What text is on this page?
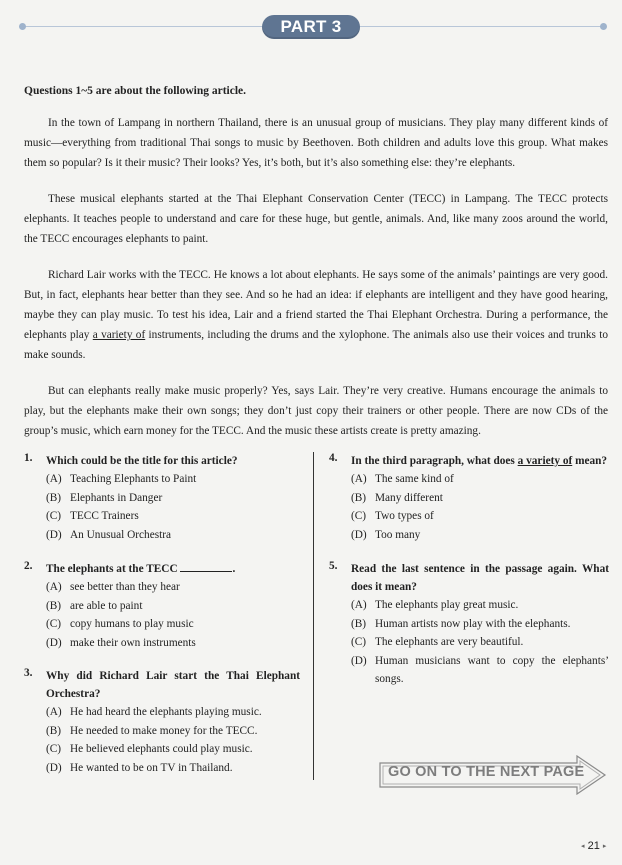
PART 3
Questions 1~5 are about the following article.

In the town of Lampang in northern Thailand, there is an unusual group of musicians. They play many different kinds of music—everything from traditional Thai songs to music by Beethoven. Both children and adults love this group. What makes them so popular? Is it their music? Their looks? Yes, it’s both, but it’s also something else: they’re elephants.

These musical elephants started at the Thai Elephant Conservation Center (TECC) in Lampang. The TECC protects elephants. It teaches people to understand and care for these huge, but gentle, animals. And, like many zoos around the world, the TECC encourages elephants to paint.

Richard Lair works with the TECC. He knows a lot about elephants. He says some of the animals’ paintings are very good. But, in fact, elephants hear better than they see. And so he had an idea: if elephants are intelligent and they have good hearing, maybe they can play music. To test his idea, Lair and a friend started the Thai Elephant Orchestra. During a performance, the elephants play a variety of instruments, including the drums and the xylophone. The animals also use their voices and trunks to make sounds.

But can elephants really make music properly? Yes, says Lair. They’re very creative. Humans encourage the animals to play, but the elephants make their own songs; they don’t just copy their trainers or other people. There are now CDs of the group’s music, which earn money for the TECC. And the music these artists create is pretty amazing.

1. Which could be the title for this article?
(A) Teaching Elephants to Paint
(B) Elephants in Danger
(C) TECC Trainers
(D) An Unusual Orchestra
2. The elephants at the TECC	.
(A) see better than they hear
(B) are able to paint
(C) copy humans to play music
(D) make their own instruments
3. Why did Richard Lair start the Thai Elephant Orchestra?
(A) He had heard the elephants playing music.
(B) He needed to make money for the TECC.
(C) He believed elephants could play music.
(D) He wanted to be on TV in Thailand.
4. In the third paragraph, what does a variety of mean?
(A) The same kind of
(B) Many different
(C) Two types of
(D) Too many
5. Read the last sentence in the passage again. What does it mean?
(A) The elephants play great music.
(B) Human artists now play with the elephants.
(C) The elephants are very beautiful.
(D) Human musicians want to copy the elephants’ songs.
GO ON TO THE NEXT PAGE
◂ 21 ▸
